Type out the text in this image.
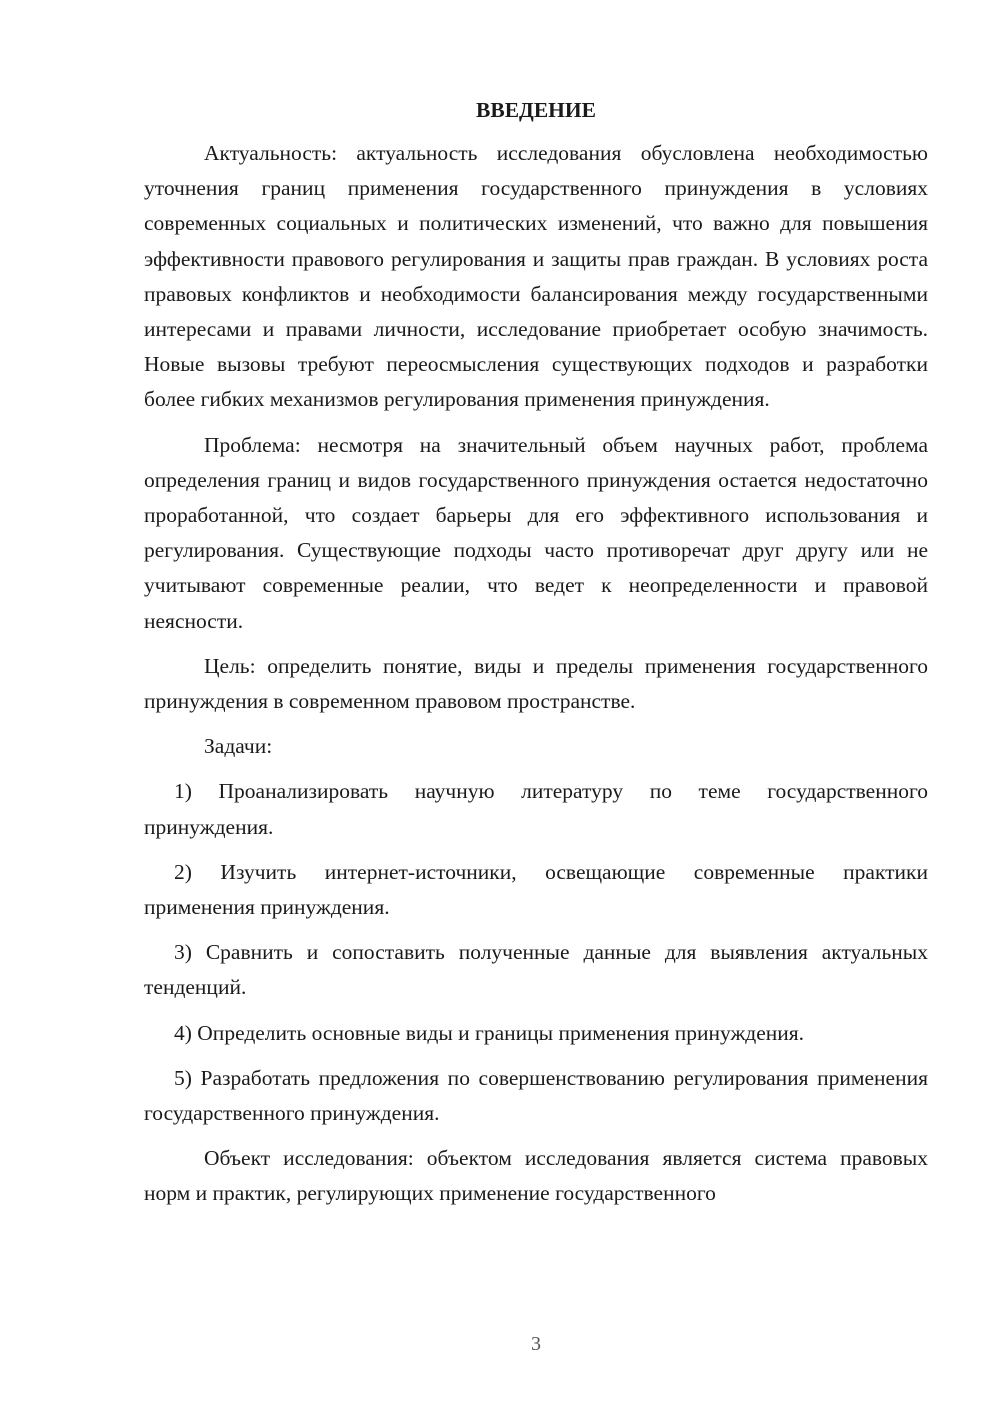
ВВЕДЕНИЕ

Актуальность: актуальность исследования обусловлена необходимостью уточнения границ применения государственного принуждения в условиях современных социальных и политических изменений, что важно для повышения эффективности правового регулирования и защиты прав граждан. В условиях роста правовых конфликтов и необходимости балансирования между государственными интересами и правами личности, исследование приобретает особую значимость. Новые вызовы требуют переосмысления существующих подходов и разработки более гибких механизмов регулирования применения принуждения.

Проблема: несмотря на значительный объем научных работ, проблема определения границ и видов государственного принуждения остается недостаточно проработанной, что создает барьеры для его эффективного использования и регулирования. Существующие подходы часто противоречат друг другу или не учитывают современные реалии, что ведет к неопределенности и правовой неясности.

Цель: определить понятие, виды и пределы применения государственного принуждения в современном правовом пространстве.

Задачи:

1) Проанализировать научную литературу по теме государственного принуждения.

2) Изучить интернет-источники, освещающие современные практики применения принуждения.

3) Сравнить и сопоставить полученные данные для выявления актуальных тенденций.

4) Определить основные виды и границы применения принуждения.

5) Разработать предложения по совершенствованию регулирования применения государственного принуждения.

Объект исследования: объектом исследования является система правовых норм и практик, регулирующих применение государственного

3
